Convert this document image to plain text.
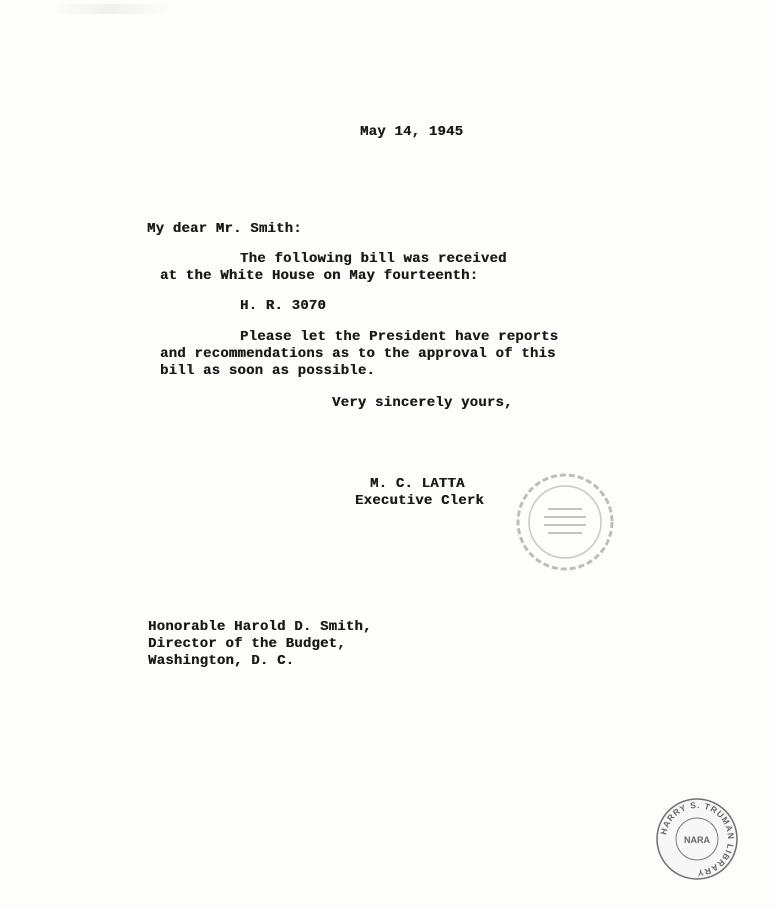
May 14, 1945
My dear Mr. Smith:
The following bill was received
at the White House on May fourteenth:
H. R. 3070
Please let the President have reports
and recommendations as to the approval of this
bill as soon as possible.
Very sincerely yours,
M. C. LATTA
Executive Clerk
Honorable Harold D. Smith,
Director of the Budget,
Washington, D. C.
HARRY S. TRUMAN LIBRARY
NARA
